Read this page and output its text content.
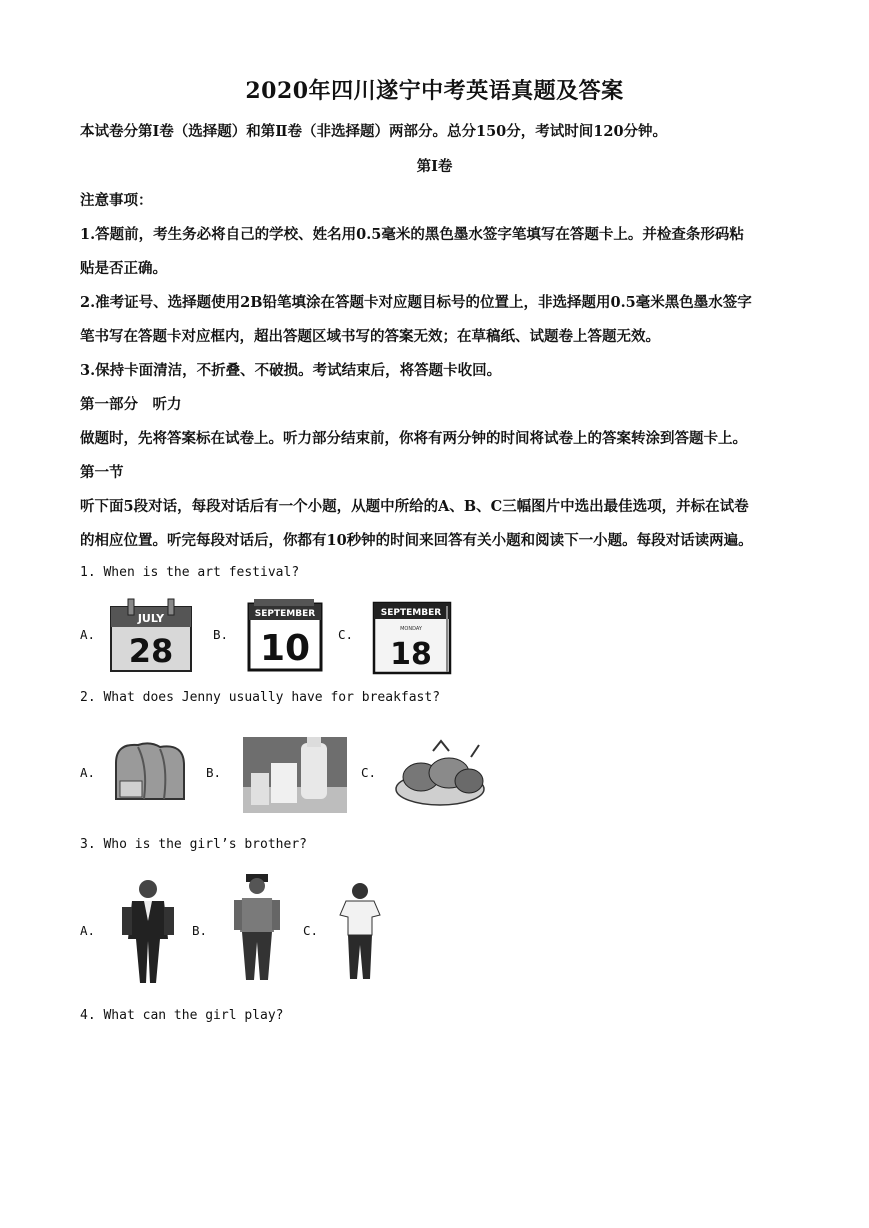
2020年四川遂宁中考英语真题及答案
本试卷分第Ⅰ卷（选择题）和第Ⅱ卷（非选择题）两部分。总分150分，考试时间120分钟。
第Ⅰ卷
注意事项：
1.答题前，考生务必将自己的学校、姓名用0.5毫米的黑色墨水签字笔填写在答题卡上。并检查条形码粘
贴是否正确。
2.准考证号、选择题使用2B铅笔填涂在答题卡对应题目标号的位置上，非选择题用0.5毫米黑色墨水签字
笔书写在答题卡对应框内，超出答题区域书写的答案无效；在草稿纸、试题卷上答题无效。
3.保持卡面清洁，不折叠、不破损。考试结束后，将答题卡收回。
第一部分　听力
做题时，先将答案标在试卷上。听力部分结束前，你将有两分钟的时间将试卷上的答案转涂到答题卡上。
第一节
听下面5段对话，每段对话后有一个小题，从题中所给的A、B、C三幅图片中选出最佳选项，并标在试卷
的相应位置。听完每段对话后，你都有10秒钟的时间来回答有关小题和阅读下一小题。每段对话读两遍。
1. When is the art festival?
A.
JULY
28	B.
SEPTEMBER
10 C.
SEPTEMBER
MONDAY
18
2. What does Jenny usually have for breakfast?
A.	B.	C.
3. Who is the girl’s brother?
A.	B.	C.
4. What can the girl play?
